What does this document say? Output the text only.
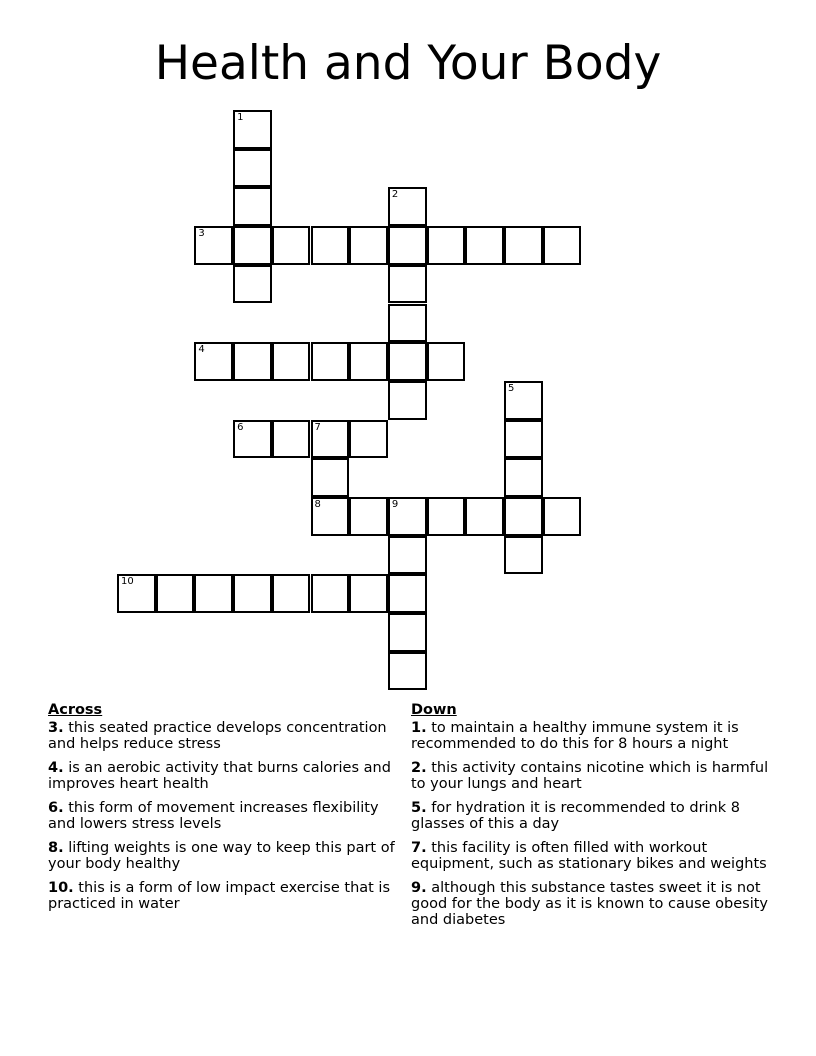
Health and Your Body
1
2
3
4
5
6	7
8	9
10
Across
3. this seated practice develops concentration and helps reduce stress
4. is an aerobic activity that burns calories and improves heart health
6. this form of movement increases flexibility and lowers stress levels
8. lifting weights is one way to keep this part of your body healthy
10. this is a form of low impact exercise that is practiced in water
Down
1. to maintain a healthy immune system it is recommended to do this for 8 hours a night
2. this activity contains nicotine which is harmful to your lungs and heart
5. for hydration it is recommended to drink 8 glasses of this a day
7. this facility is often filled with workout equipment, such as stationary bikes and weights
9. although this substance tastes sweet it is not good for the body as it is known to cause obesity and diabetes
